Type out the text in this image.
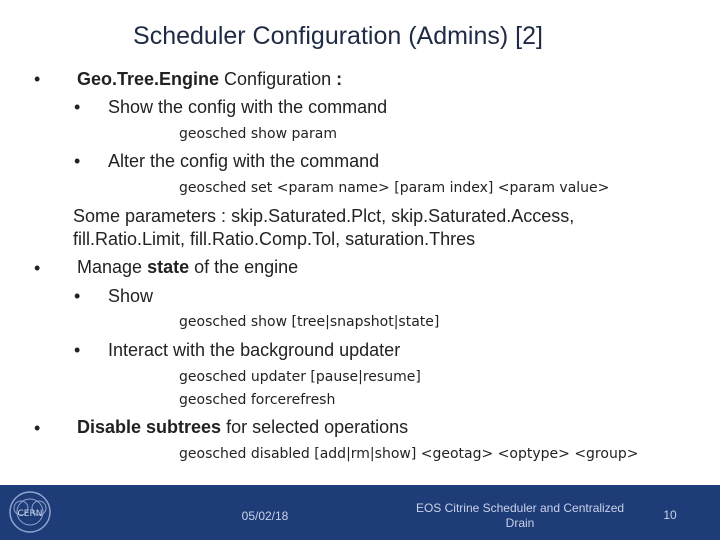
Scheduler Configuration (Admins) [2]
• Geo.Tree.Engine Configuration :
• Show the config with the command
geosched show param
• Alter the config with the command
geosched set <param name> [param index] <param value>
Some parameters : skip.Saturated.Plct, skip.Saturated.Access,
fill.Ratio.Limit, fill.Ratio.Comp.Tol, saturation.Thres
• Manage state of the engine
• Show
geosched show [tree|snapshot|state]
• Interact with the background updater
geosched updater [pause|resume]
geosched forcerefresh
• Disable subtrees for selected operations
geosched disabled [add|rm|show] <geotag> <optype> <group>
CERN	05/02/18
EOS Citrine Scheduler and Centralized
Drain
10
